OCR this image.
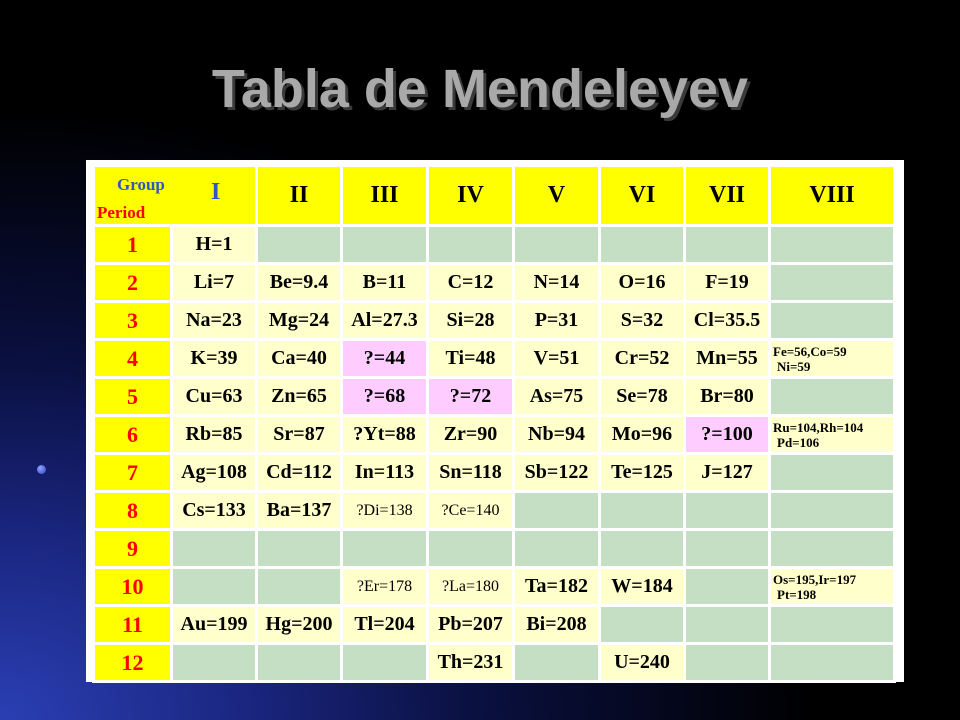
Tabla de Mendeleyev
Group
Period
I		II	III	IV	V	VI	VII	VIII
1	H=1							
2	Li=7	Be=9.4	B=11	C=12	N=14	O=16	F=19	
3	Na=23	Mg=24	Al=27.3	Si=28	P=31	S=32	Cl=35.5	
4	K=39	Ca=40	?=44	Ti=48	V=51	Cr=52	Mn=55	Fe=56,Co=59
Ni=59

5	Cu=63	Zn=65	?=68	?=72	As=75	Se=78	Br=80	
6	Rb=85	Sr=87	?Yt=88	Zr=90	Nb=94	Mo=96	?=100	Ru=104,Rh=104
Pd=106

7	Ag=108	Cd=112	In=113	Sn=118	Sb=122	Te=125	J=127	
8	Cs=133	Ba=137	?Di=138	?Ce=140				
9								
10			?Er=178	?La=180	Ta=182	W=184		Os=195,Ir=197
Pt=198

11	Au=199	Hg=200	Tl=204	Pb=207	Bi=208			
12				Th=231		U=240		
